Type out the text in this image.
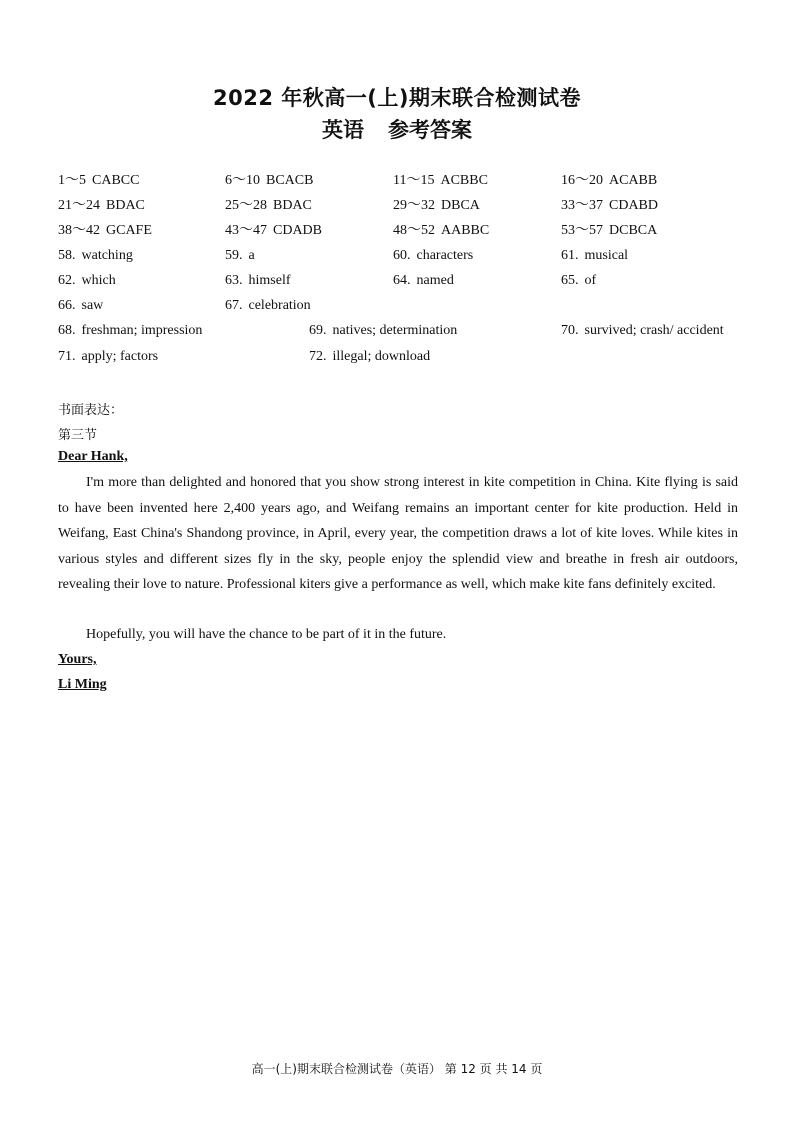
2022 年秋高一(上)期末联合检测试卷
英语 参考答案
1～5 CABCC	6～10 BCACB	11～15 ACBBC	16～20 ACABB
21～24 BDAC	25～28 BDAC	29～32 DBCA	33～37 CDABD
38～42 GCAFE	43～47 CDADB	48～52 AABBC	53～57 DCBCA
58. watching	59. a	60. characters	61. musical
62. which	63. himself	64. named	65. of
66. saw	67. celebration
68. freshman; impression	69. natives; determination	70. survived; crash/ accident
71. apply; factors	72. illegal; download
书面表达：
第三节
Dear Hank,

I'm more than delighted and honored that you show strong interest in kite competition in China. Kite flying is said to have been invented here 2,400 years ago, and Weifang remains an important center for kite production. Held in Weifang, East China's Shandong province, in April, every year, the competition draws a lot of kite loves. While kites in various styles and different sizes fly in the sky, people enjoy the splendid view and breathe in fresh air outdoors, revealing their love to nature. Professional kiters give a performance as well, which make kite fans definitely excited.

Hopefully, you will have the chance to be part of it in the future.

Yours,
Li Ming
高一(上)期末联合检测试卷（英语） 第 12 页 共 14 页
